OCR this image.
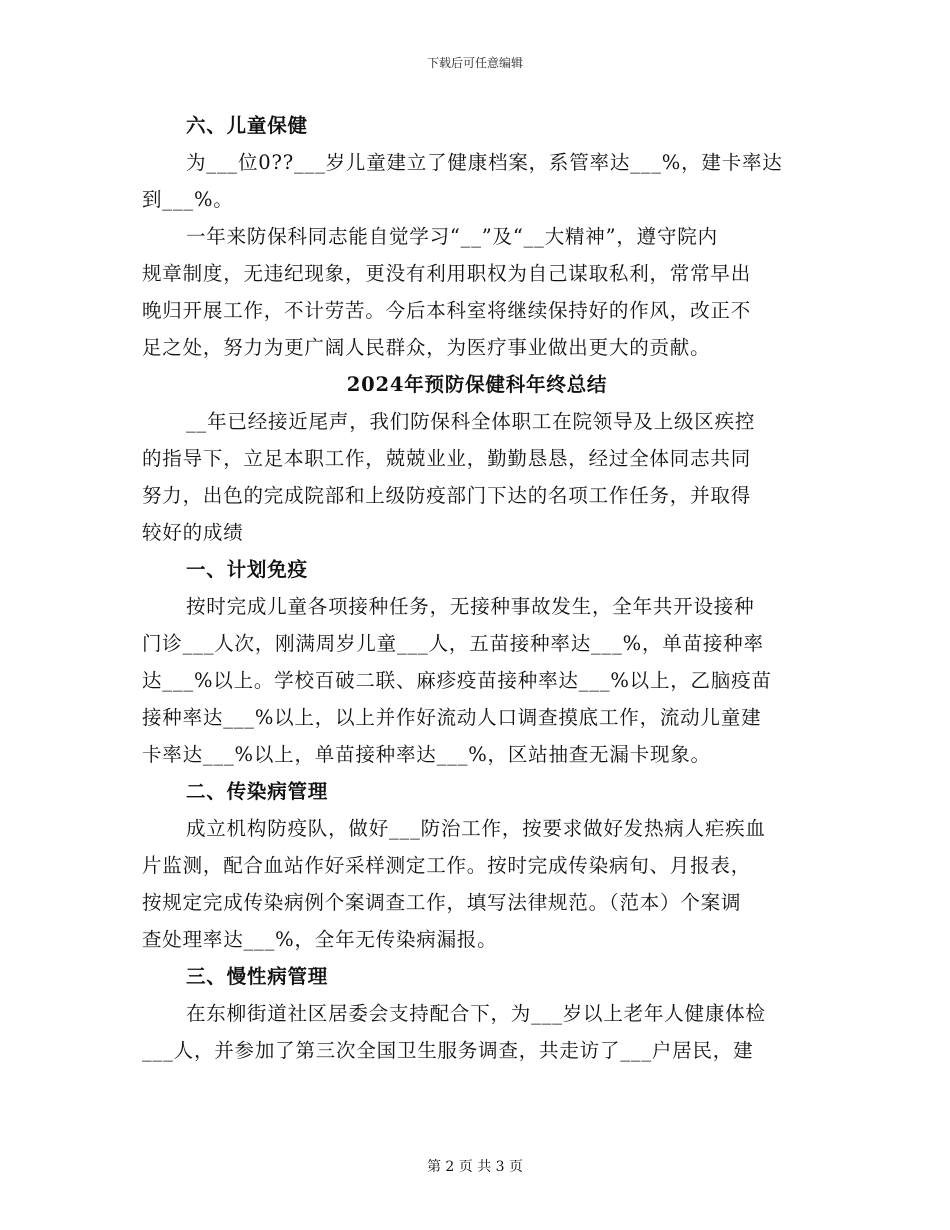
下载后可任意编辑
六、儿童保健
为___位0??___岁儿童建立了健康档案，系管率达___%，建卡率达
到___%。
一年来防保科同志能自觉学习“__”及“__大精神”，遵守院内
规章制度，无违纪现象，更没有利用职权为自己谋取私利，常常早出
晚归开展工作，不计劳苦。今后本科室将继续保持好的作风，改正不
足之处，努力为更广阔人民群众，为医疗事业做出更大的贡献。
2024年预防保健科年终总结
__年已经接近尾声，我们防保科全体职工在院领导及上级区疾控
的指导下，立足本职工作，兢兢业业，勤勤恳恳，经过全体同志共同
努力，出色的完成院部和上级防疫部门下达的名项工作任务，并取得
较好的成绩
一、计划免疫
按时完成儿童各项接种任务，无接种事故发生，全年共开设接种
门诊___人次，刚满周岁儿童___人，五苗接种率达___%，单苗接种率
达___%以上。学校百破二联、麻疹疫苗接种率达___%以上，乙脑疫苗
接种率达___%以上，以上并作好流动人口调查摸底工作，流动儿童建
卡率达___%以上，单苗接种率达___%，区站抽查无漏卡现象。
二、传染病管理
成立机构防疫队，做好___防治工作，按要求做好发热病人疟疾血
片监测，配合血站作好采样测定工作。按时完成传染病旬、月报表，
按规定完成传染病例个案调查工作，填写法律规范。（范本）个案调
查处理率达___%，全年无传染病漏报。
三、慢性病管理
在东柳街道社区居委会支持配合下，为___岁以上老年人健康体检
___人，并参加了第三次全国卫生服务调查，共走访了___户居民，建
第 2 页 共 3 页
